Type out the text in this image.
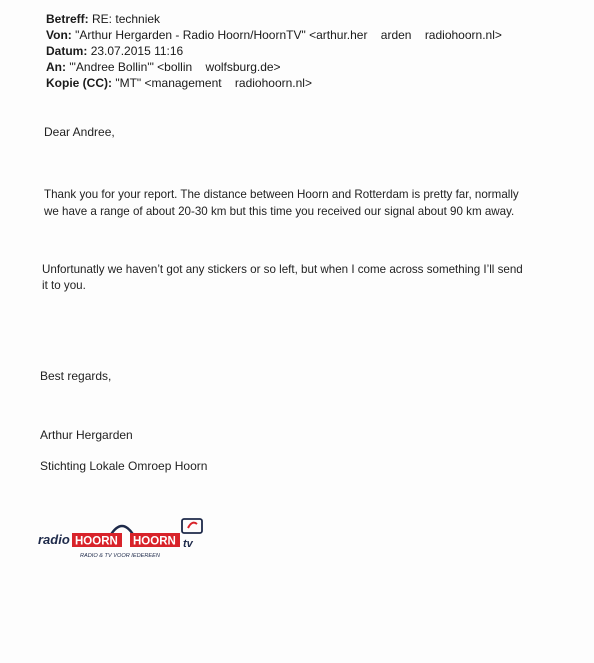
Betreff: RE: techniek
Von: "Arthur Hergarden - Radio Hoorn/HoornTV" <arthur.her    arden    radiohoorn.nl>
Datum: 23.07.2015 11:16
An: "'Andree Bollin'" <bollin    wolfsburg.de>
Kopie (CC): "MT" <management    radiohoorn.nl>
Dear Andree,
Thank you for your report. The distance between Hoorn and Rotterdam is pretty far, normally
we have a range of about 20-30 km but this time you received our signal about 90 km away.
Unfortunatly we haven’t got any stickers or so left, but when I come across something I’ll send
it to you.
Best regards,
Arthur Hergarden
Stichting Lokale Omroep Hoorn
radio HOORN HOORN tv
RADIO & TV VOOR IEDEREEN
